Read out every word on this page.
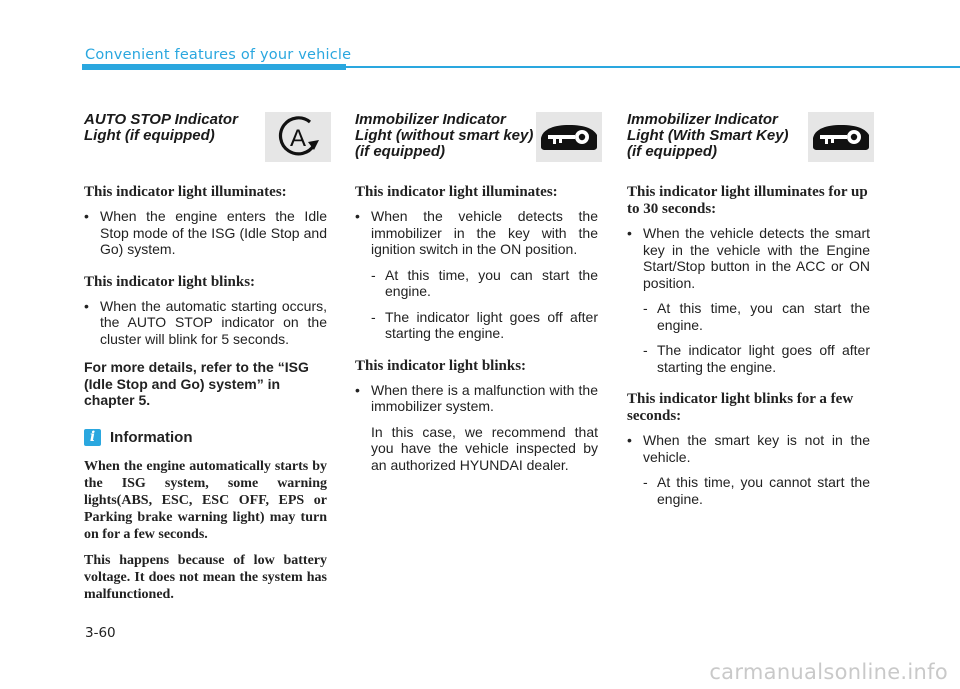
Convenient features of your vehicle

AUTO STOP Indicator
Light (if equipped)	A

This indicator light illuminates:

• When the engine enters the Idle Stop mode of the ISG (Idle Stop and Go) system.

This indicator light blinks:

• When the automatic starting occurs, the AUTO STOP indicator on the cluster will blink for 5 seconds.

For more details, refer to the “ISG (Idle Stop and Go) system” in chapter 5.

i Information

When the engine automatically starts by the ISG system, some warning lights(ABS, ESC, ESC OFF, EPS or Parking brake warning light) may turn on for a few seconds.

This happens because of low battery voltage. It does not mean the system has malfunctioned.

Immobilizer Indicator
Light (without smart key)
(if equipped)

This indicator light illuminates:

• When the vehicle detects the immobilizer in the key with the ignition switch in the ON position.

- At this time, you can start the engine.

- The indicator light goes off after starting the engine.

This indicator light blinks:

• When there is a malfunction with the immobilizer system.

In this case, we recommend that you have the vehicle inspected by an authorized HYUNDAI dealer.

Immobilizer Indicator
Light (With Smart Key)
(if equipped)

This indicator light illuminates for up to 30 seconds:

• When the vehicle detects the smart key in the vehicle with the Engine Start/Stop button in the ACC or ON position.

- At this time, you can start the engine.

- The indicator light goes off after starting the engine.

This indicator light blinks for a few seconds:

• When the smart key is not in the vehicle.

- At this time, you cannot start the engine.

3-60
carmanualsonline.info
